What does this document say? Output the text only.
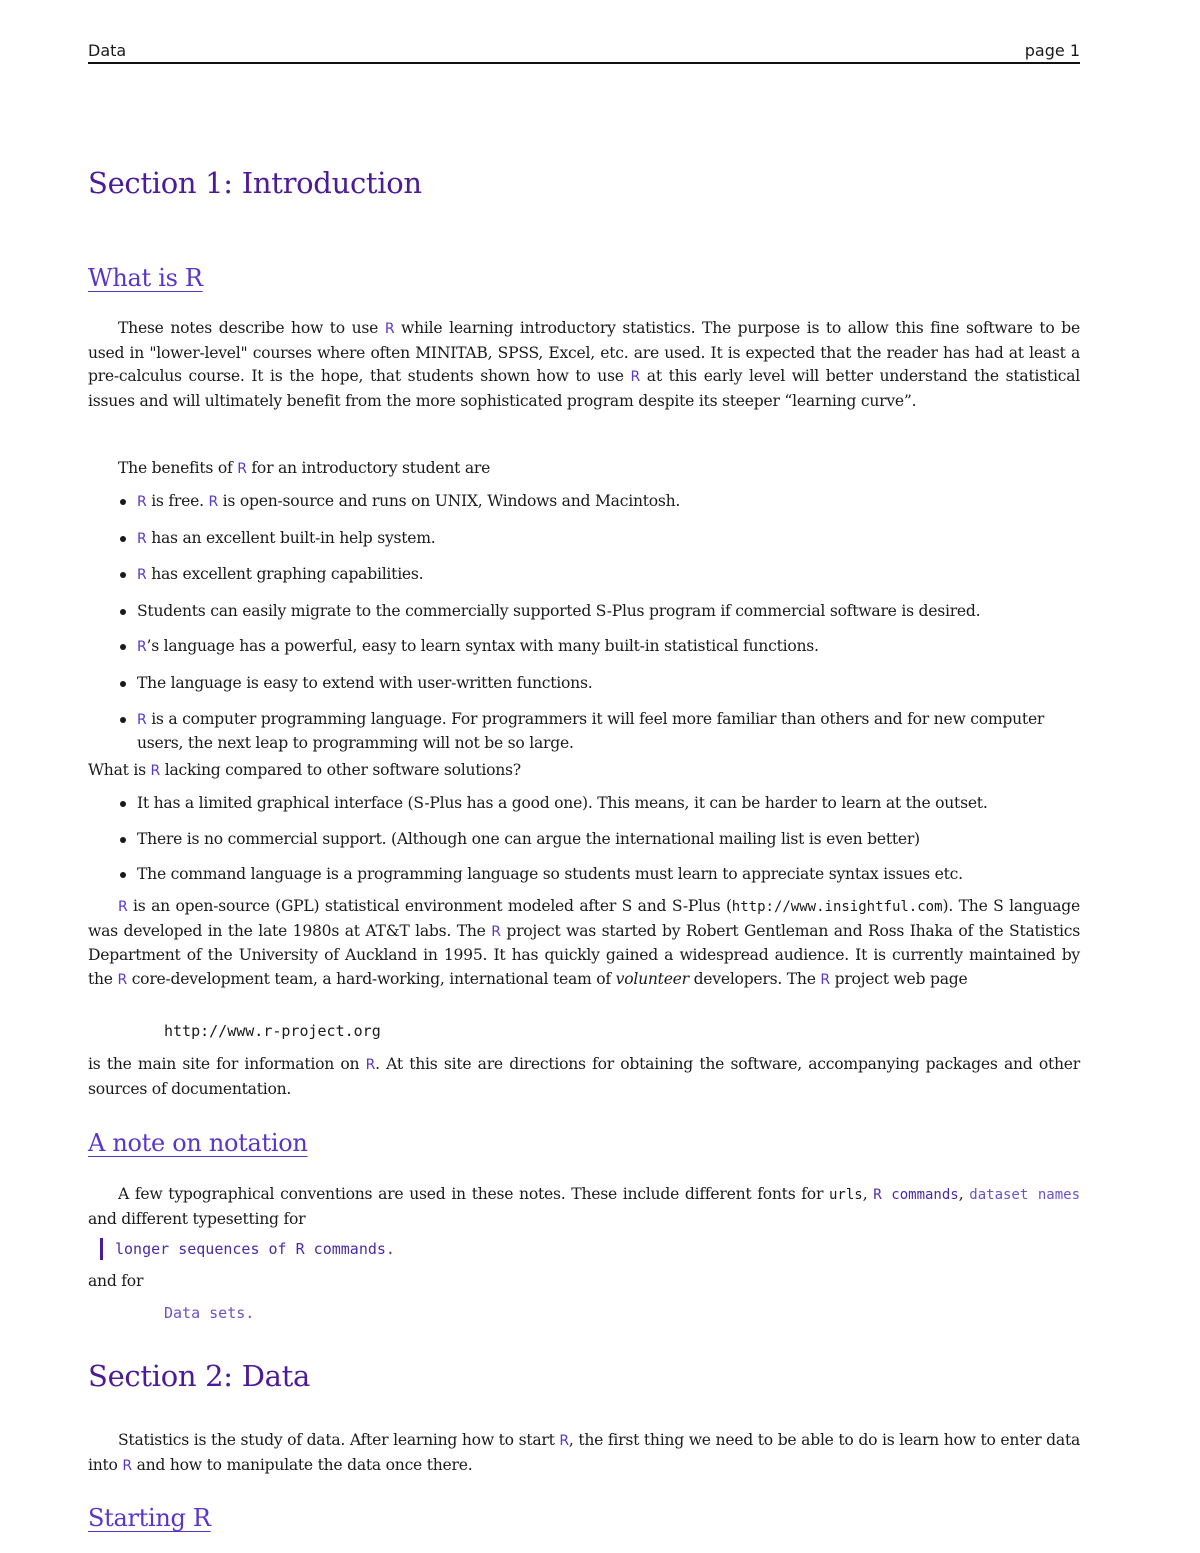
Data	page 1
Section 1: Introduction
What is R

These notes describe how to use R while learning introductory statistics. The purpose is to allow this fine software to be used in "lower-level" courses where often MINITAB, SPSS, Excel, etc. are used. It is expected that the reader has had at least a pre-calculus course. It is the hope, that students shown how to use R at this early level will better understand the statistical issues and will ultimately benefit from the more sophisticated program despite its steeper “learning curve”.

The benefits of R for an introductory student are

R is free. R is open-source and runs on UNIX, Windows and Macintosh.
R has an excellent built-in help system.
R has excellent graphing capabilities.
Students can easily migrate to the commercially supported S-Plus program if commercial software is desired.
R’s language has a powerful, easy to learn syntax with many built-in statistical functions.
The language is easy to extend with user-written functions.
R is a computer programming language. For programmers it will feel more familiar than others and for new computer users, the next leap to programming will not be so large.

What is R lacking compared to other software solutions?

It has a limited graphical interface (S-Plus has a good one). This means, it can be harder to learn at the outset.
There is no commercial support. (Although one can argue the international mailing list is even better)
The command language is a programming language so students must learn to appreciate syntax issues etc.

R is an open-source (GPL) statistical environment modeled after S and S-Plus (http://www.insightful.com). The S language was developed in the late 1980s at AT&T labs. The R project was started by Robert Gentleman and Ross Ihaka of the Statistics Department of the University of Auckland in 1995. It has quickly gained a widespread audience. It is currently maintained by the R core-development team, a hard-working, international team of volunteer developers. The R project web page

http://www.r-project.org

is the main site for information on R. At this site are directions for obtaining the software, accompanying packages and other sources of documentation.

A note on notation

A few typographical conventions are used in these notes. These include different fonts for urls, R commands, dataset names and different typesetting for

longer sequences of R commands.

and for

Data sets.
Section 2: Data

Statistics is the study of data. After learning how to start R, the first thing we need to be able to do is learn how to enter data into R and how to manipulate the data once there.

Starting R
